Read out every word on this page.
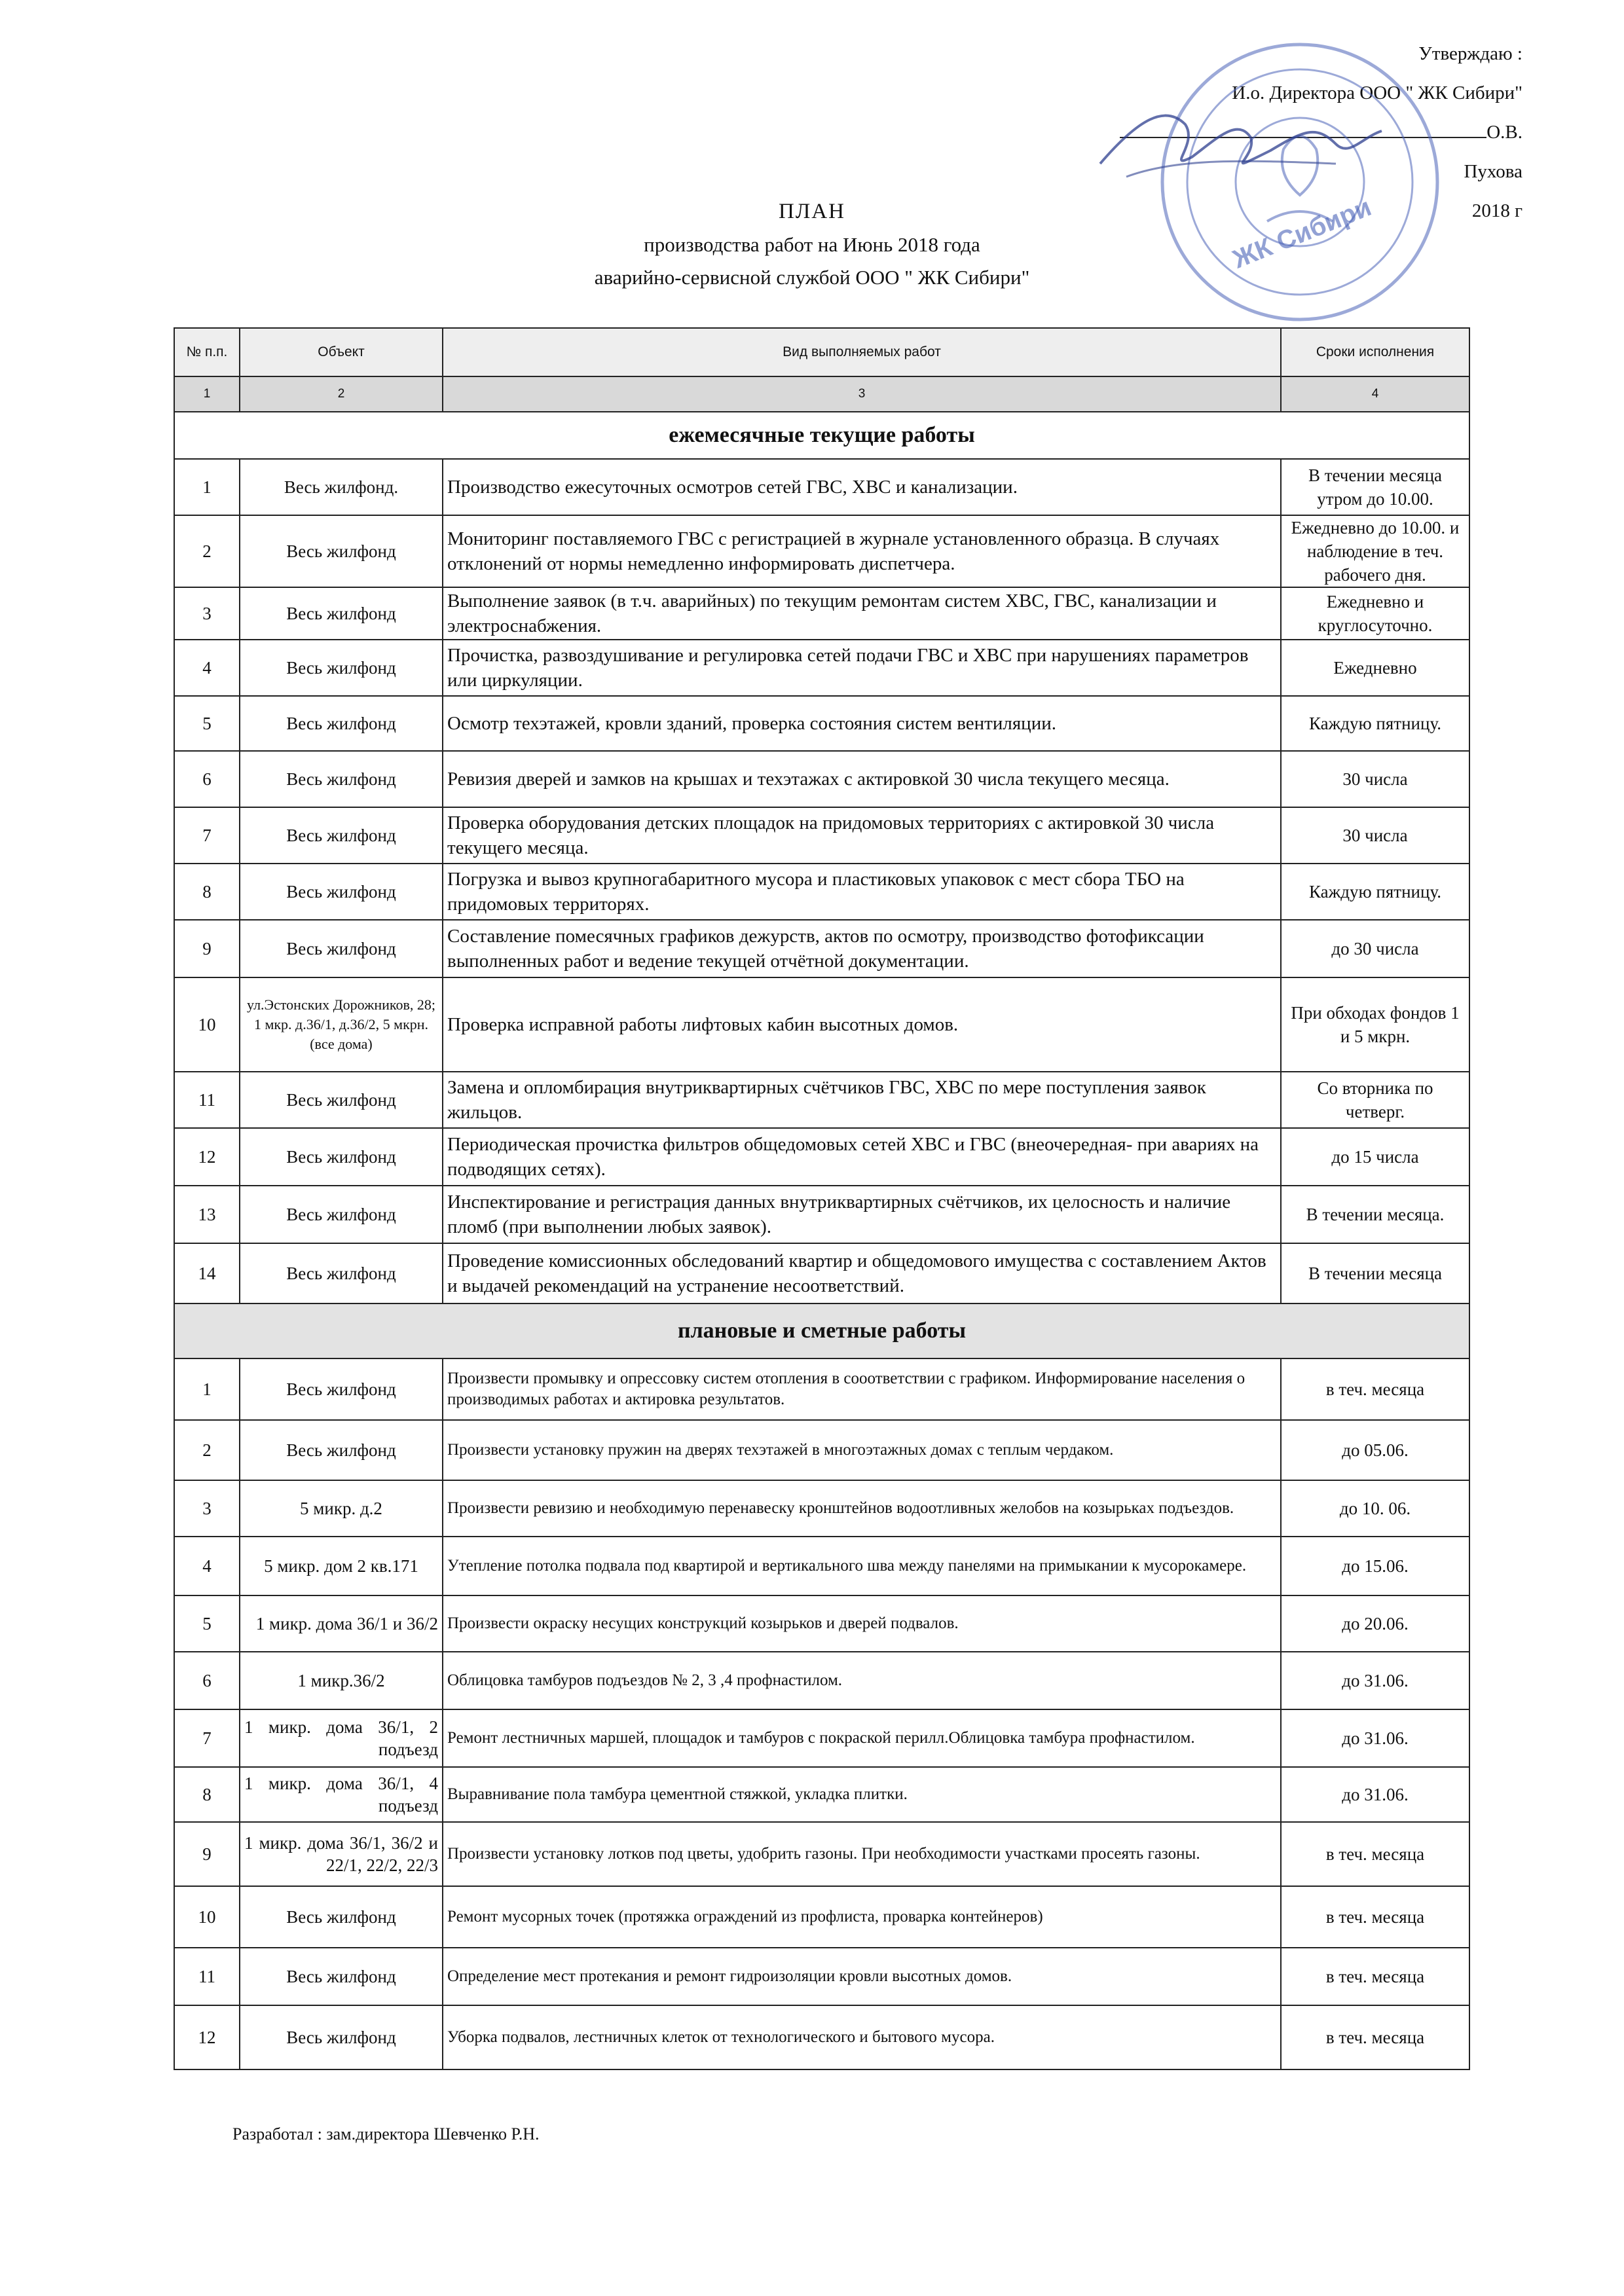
Утверждаю :
И.о. Директора ООО " ЖК Сибири"
О.В. Пухова
2018 г
ЖК Сибири
ПЛАН
производства работ на Июнь 2018 года
аварийно-сервисной службой ООО " ЖК Сибири"
№ п.п.	Объект	Вид выполняемых работ	Сроки исполнения
1	2	3	4
ежемесячные текущие работы			
1	Весь жилфонд.	Производство ежесуточных осмотров сетей ГВС, ХВС и канализации.	В течении месяца утром до 10.00.
2	Весь жилфонд	Мониторинг поставляемого ГВС с регистрацией в журнале установленного образца. В случаях отклонений от нормы немедленно информировать диспетчера.	Ежедневно до 10.00. и наблюдение в теч. рабочего дня.
3	Весь жилфонд	Выполнение заявок (в т.ч. аварийных) по текущим ремонтам систем ХВС, ГВС, канализации и электроснабжения.	Ежедневно и круглосуточно.
4	Весь жилфонд	Прочистка, развоздушивание и регулировка сетей подачи ГВС и ХВС при нарушениях параметров или циркуляции.	Ежедневно
5	Весь жилфонд	Осмотр техэтажей, кровли зданий, проверка состояния систем вентиляции.	Каждую пятницу.
6	Весь жилфонд	Ревизия дверей и замков на крышах и техэтажах с актировкой 30 числа текущего месяца.	30 числа
7	Весь жилфонд	Проверка оборудования детских площадок на придомовых территориях с актировкой 30 числа текущего месяца.	30 числа
8	Весь жилфонд	Погрузка и вывоз крупногабаритного мусора и пластиковых упаковок с мест сбора ТБО на придомовых территорях.	Каждую пятницу.
9	Весь жилфонд	Составление помесячных графиков дежурств, актов по осмотру, производство фотофиксации выполненных работ и ведение текущей отчётной документации.	до 30 числа
10	ул.Эстонских Дорожников, 28; 1 мкр. д.36/1, д.36/2, 5 мкрн.(все дома)	Проверка исправной работы лифтовых кабин высотных домов.	При обходах фондов 1 и 5 мкрн.
11	Весь жилфонд	Замена и опломбирация внутриквартирных счётчиков ГВС, ХВС по мере поступления заявок жильцов.	Со вторника по четверг.
12	Весь жилфонд	Периодическая прочистка фильтров общедомовых сетей ХВС и ГВС (внеочередная- при авариях на подводящих сетях).	до 15 числа
13	Весь жилфонд	Инспектирование и регистрация данных внутриквартирных счётчиков, их целосность и наличие пломб (при выполнении любых заявок).	В течении месяца.
14	Весь жилфонд	Проведение комиссионных обследований квартир и общедомового имущества с составлением Актов и выдачей рекомендаций на устранение несоответствий.	В течении месяца
плановые и сметные работы			
1	Весь жилфонд	Произвести промывку и опрессовку систем отопления в сооответствии с графиком. Информирование населения о производимых работах и актировка результатов.	в теч. месяца
2	Весь жилфонд	Произвести установку пружин на дверях техэтажей в многоэтажных домах с теплым чердаком.	до 05.06.
3	5 микр. д.2	Произвести ревизию и необходимую перенавеску кронштейнов водоотливных желобов на козырьках подъездов.	до 10. 06.
4	5 микр. дом 2 кв.171	Утепление потолка подвала под квартирой и вертикального шва между панелями на примыкании к мусорокамере.	до 15.06.
5	1 микр. дома 36/1 и 36/2	Произвести окраску несущих конструкций козырьков и дверей подвалов.	до 20.06.
6	1 микр.36/2	Облицовка тамбуров подъездов № 2, 3 ,4 профнастилом.	до 31.06.
7	1 микр. дома 36/1, 2 подъезд	Ремонт лестничных маршей, площадок и тамбуров с покраской перилл.Облицовка тамбура профнастилом.	до 31.06.
8	1 микр. дома 36/1, 4 подъезд	Выравнивание пола тамбура цементной стяжкой, укладка плитки.	до 31.06.
9	1 микр. дома 36/1, 36/2 и 22/1, 22/2, 22/3	Произвести установку лотков под цветы, удобрить газоны. При необходимости участками просеять газоны.	в теч. месяца
10	Весь жилфонд	Ремонт мусорных точек (протяжка ограждений из профлиста, проварка контейнеров)	в теч. месяца
11	Весь жилфонд	Определение мест протекания и ремонт гидроизоляции кровли высотных домов.	в теч. месяца
12	Весь жилфонд	Уборка подвалов, лестничных клеток от технологического и бытового мусора.	в теч. месяца
Разработал : зам.директора Шевченко Р.Н.
